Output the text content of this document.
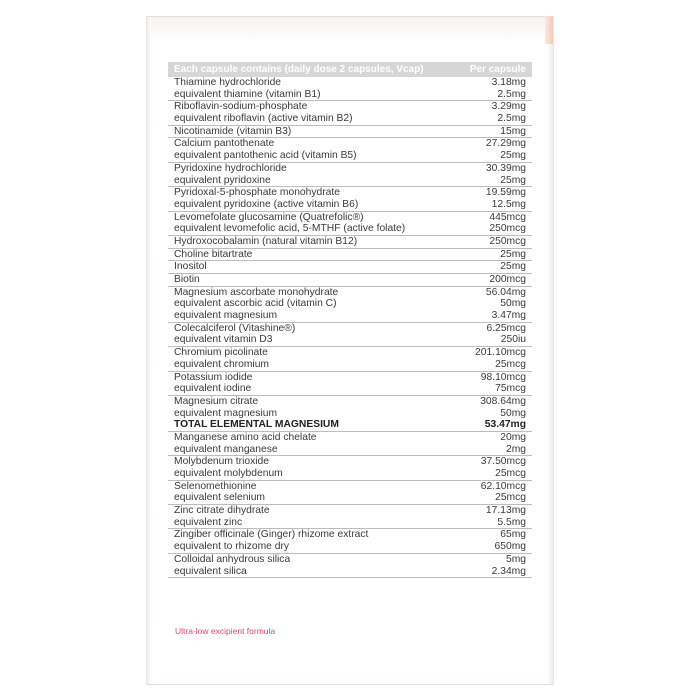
Each capsule contains (daily dose 2 capsules, Vcap)	Per capsule
Thiamine hydrochloride	3.18mg
equivalent thiamine (vitamin B1)	2.5mg
Riboflavin-sodium-phosphate	3.29mg
equivalent riboflavin (active vitamin B2)	2.5mg
Nicotinamide (vitamin B3)	15mg
Calcium pantothenate	27.29mg
equivalent pantothenic acid (vitamin B5)	25mg
Pyridoxine hydrochloride	30.39mg
equivalent pyridoxine	25mg
Pyridoxal-5-phosphate monohydrate	19.59mg
equivalent pyridoxine (active vitamin B6)	12.5mg
Levomefolate glucosamine (Quatrefolic®)	445mcg
equivalent levomefolic acid, 5-MTHF (active folate)	250mcg
Hydroxocobalamin (natural vitamin B12)	250mcg
Choline bitartrate	25mg
Inositol	25mg
Biotin	200mcg
Magnesium ascorbate monohydrate	56.04mg
equivalent ascorbic acid (vitamin C)	50mg
equivalent magnesium	3.47mg
Colecalciferol (Vitashine®)	6.25mcg
equivalent vitamin D3	250iu
Chromium picolinate	201.10mcg
equivalent chromium	25mcg
Potassium iodide	98.10mcg
equivalent iodine	75mcg
Magnesium citrate	308.64mg
equivalent magnesium	50mg
TOTAL ELEMENTAL MAGNESIUM	53.47mg
Manganese amino acid chelate	20mg
equivalent manganese	2mg
Molybdenum trioxide	37.50mcg
equivalent molybdenum	25mcg
Selenomethionine	62.10mcg
equivalent selenium	25mcg
Zinc citrate dihydrate	17.13mg
equivalent zinc	5.5mg
Zingiber officinale (Ginger) rhizome extract	65mg
equivalent to rhizome dry	650mg
Colloidal anhydrous silica	5mg
equivalent silica	2.34mg
Ultra-low excipient formula
